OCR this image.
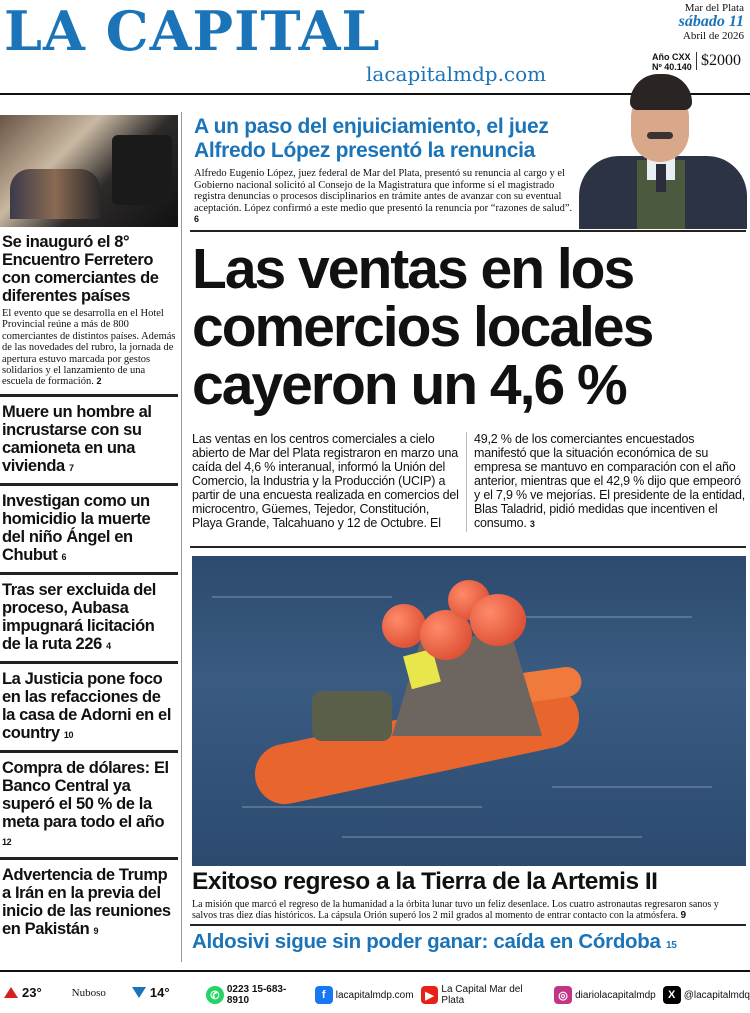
LA CAPITAL
lacapitalmdp.com
Mar del Plata
sábado 11
Abril de 2026
Año CXX
Nº 40.140 $2000
Se inauguró el 8° Encuentro Ferretero con comerciantes de diferentes países

El evento que se desarrolla en el Hotel Provincial reúne a más de 800 comerciantes de distintos países. Además de las novedades del rubro, la jornada de apertura estuvo marcada por gestos solidarios y el lanzamiento de una escuela de formación. 2

Muere un hombre al incrustarse con su camioneta en una vivienda 7
Investigan como un homicidio la muerte del niño Ángel en Chubut 6
Tras ser excluida del proceso, Aubasa impugnará licitación de la ruta 226 4
La Justicia pone foco en las refacciones de la casa de Adorni en el country 10
Compra de dólares: El Banco Central ya superó el 50 % de la meta para todo el año 12
Advertencia de Trump a Irán en la previa del inicio de las reuniones en Pakistán 9
A un paso del enjuiciamiento, el juez Alfredo López presentó la renuncia

Alfredo Eugenio López, juez federal de Mar del Plata, presentó su renuncia al cargo y el Gobierno nacional solicitó al Consejo de la Magistratura que informe si el magistrado registra denuncias o procesos disciplinarios en trámite antes de avanzar con su eventual aceptación. López confirmó a este medio que presentó la renuncia por “razones de salud”. 6

Las ventas en los comercios locales cayeron un 4,6 %
Las ventas en los centros comerciales a cielo abierto de Mar del Plata registraron en marzo una caída del 4,6 % interanual, informó la Unión del Comercio, la Industria y la Producción (UCIP) a partir de una encuesta realizada en comercios del microcentro, Güemes, Tejedor, Constitución, Playa Grande, Talcahuano y 12 de Octubre. El
49,2 % de los comerciantes encuestados manifestó que la situación económica de su empresa se mantuvo en comparación con el año anterior, mientras que el 42,9 % dijo que empeoró y el 7,9 % ve mejorías. El presidente de la entidad, Blas Taladrid, pidió medidas que incentiven el consumo. 3
Exitoso regreso a la Tierra de la Artemis II
La misión que marcó el regreso de la humanidad a la órbita lunar tuvo un feliz desenlace. Los cuatro astronautas regresaron sanos y salvos tras diez días históricos. La cápsula Orión superó los 2 mil grados al momento de entrar contacto con la atmósfera. 9
Aldosivi sigue sin poder ganar: caída en Córdoba 15
23°	Nuboso	14°	✆ 0223 15-683-8910	f	lacapitalmdp.com	▶ La Capital Mar del Plata	◎ diariolacapitalmdp	X @lacapitalmdq
